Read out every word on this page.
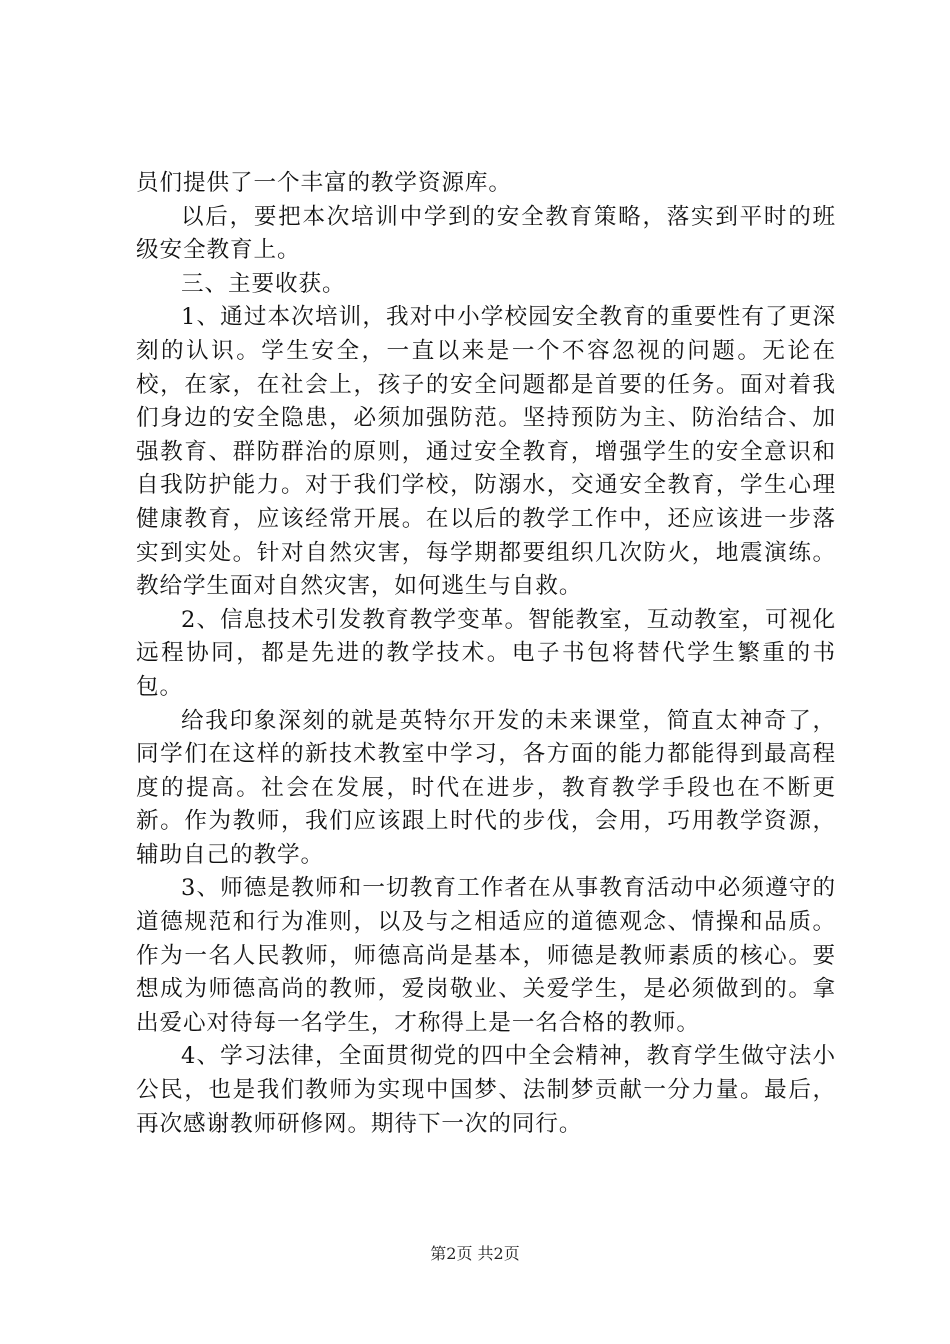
员们提供了一个丰富的教学资源库。

以后，要把本次培训中学到的安全教育策略，落实到平时的班级安全教育上。

三、主要收获。

1、通过本次培训，我对中小学校园安全教育的重要性有了更深刻的认识。学生安全，一直以来是一个不容忽视的问题。无论在校，在家，在社会上，孩子的安全问题都是首要的任务。面对着我们身边的安全隐患，必须加强防范。坚持预防为主、防治结合、加强教育、群防群治的原则，通过安全教育，增强学生的安全意识和自我防护能力。对于我们学校，防溺水，交通安全教育，学生心理健康教育，应该经常开展。在以后的教学工作中，还应该进一步落实到实处。针对自然灾害，每学期都要组织几次防火，地震演练。教给学生面对自然灾害，如何逃生与自救。

2、信息技术引发教育教学变革。智能教室，互动教室，可视化远程协同，都是先进的教学技术。电子书包将替代学生繁重的书包。

给我印象深刻的就是英特尔开发的未来课堂，简直太神奇了，同学们在这样的新技术教室中学习，各方面的能力都能得到最高程度的提高。社会在发展，时代在进步，教育教学手段也在不断更新。作为教师，我们应该跟上时代的步伐，会用，巧用教学资源，辅助自己的教学。

3、师德是教师和一切教育工作者在从事教育活动中必须遵守的道德规范和行为准则，以及与之相适应的道德观念、情操和品质。作为一名人民教师，师德高尚是基本，师德是教师素质的核心。要想成为师德高尚的教师，爱岗敬业、关爱学生，是必须做到的。拿出爱心对待每一名学生，才称得上是一名合格的教师。

4、学习法律，全面贯彻党的四中全会精神，教育学生做守法小公民，也是我们教师为实现中国梦、法制梦贡献一分力量。最后，再次感谢教师研修网。期待下一次的同行。

第2页 共2页
